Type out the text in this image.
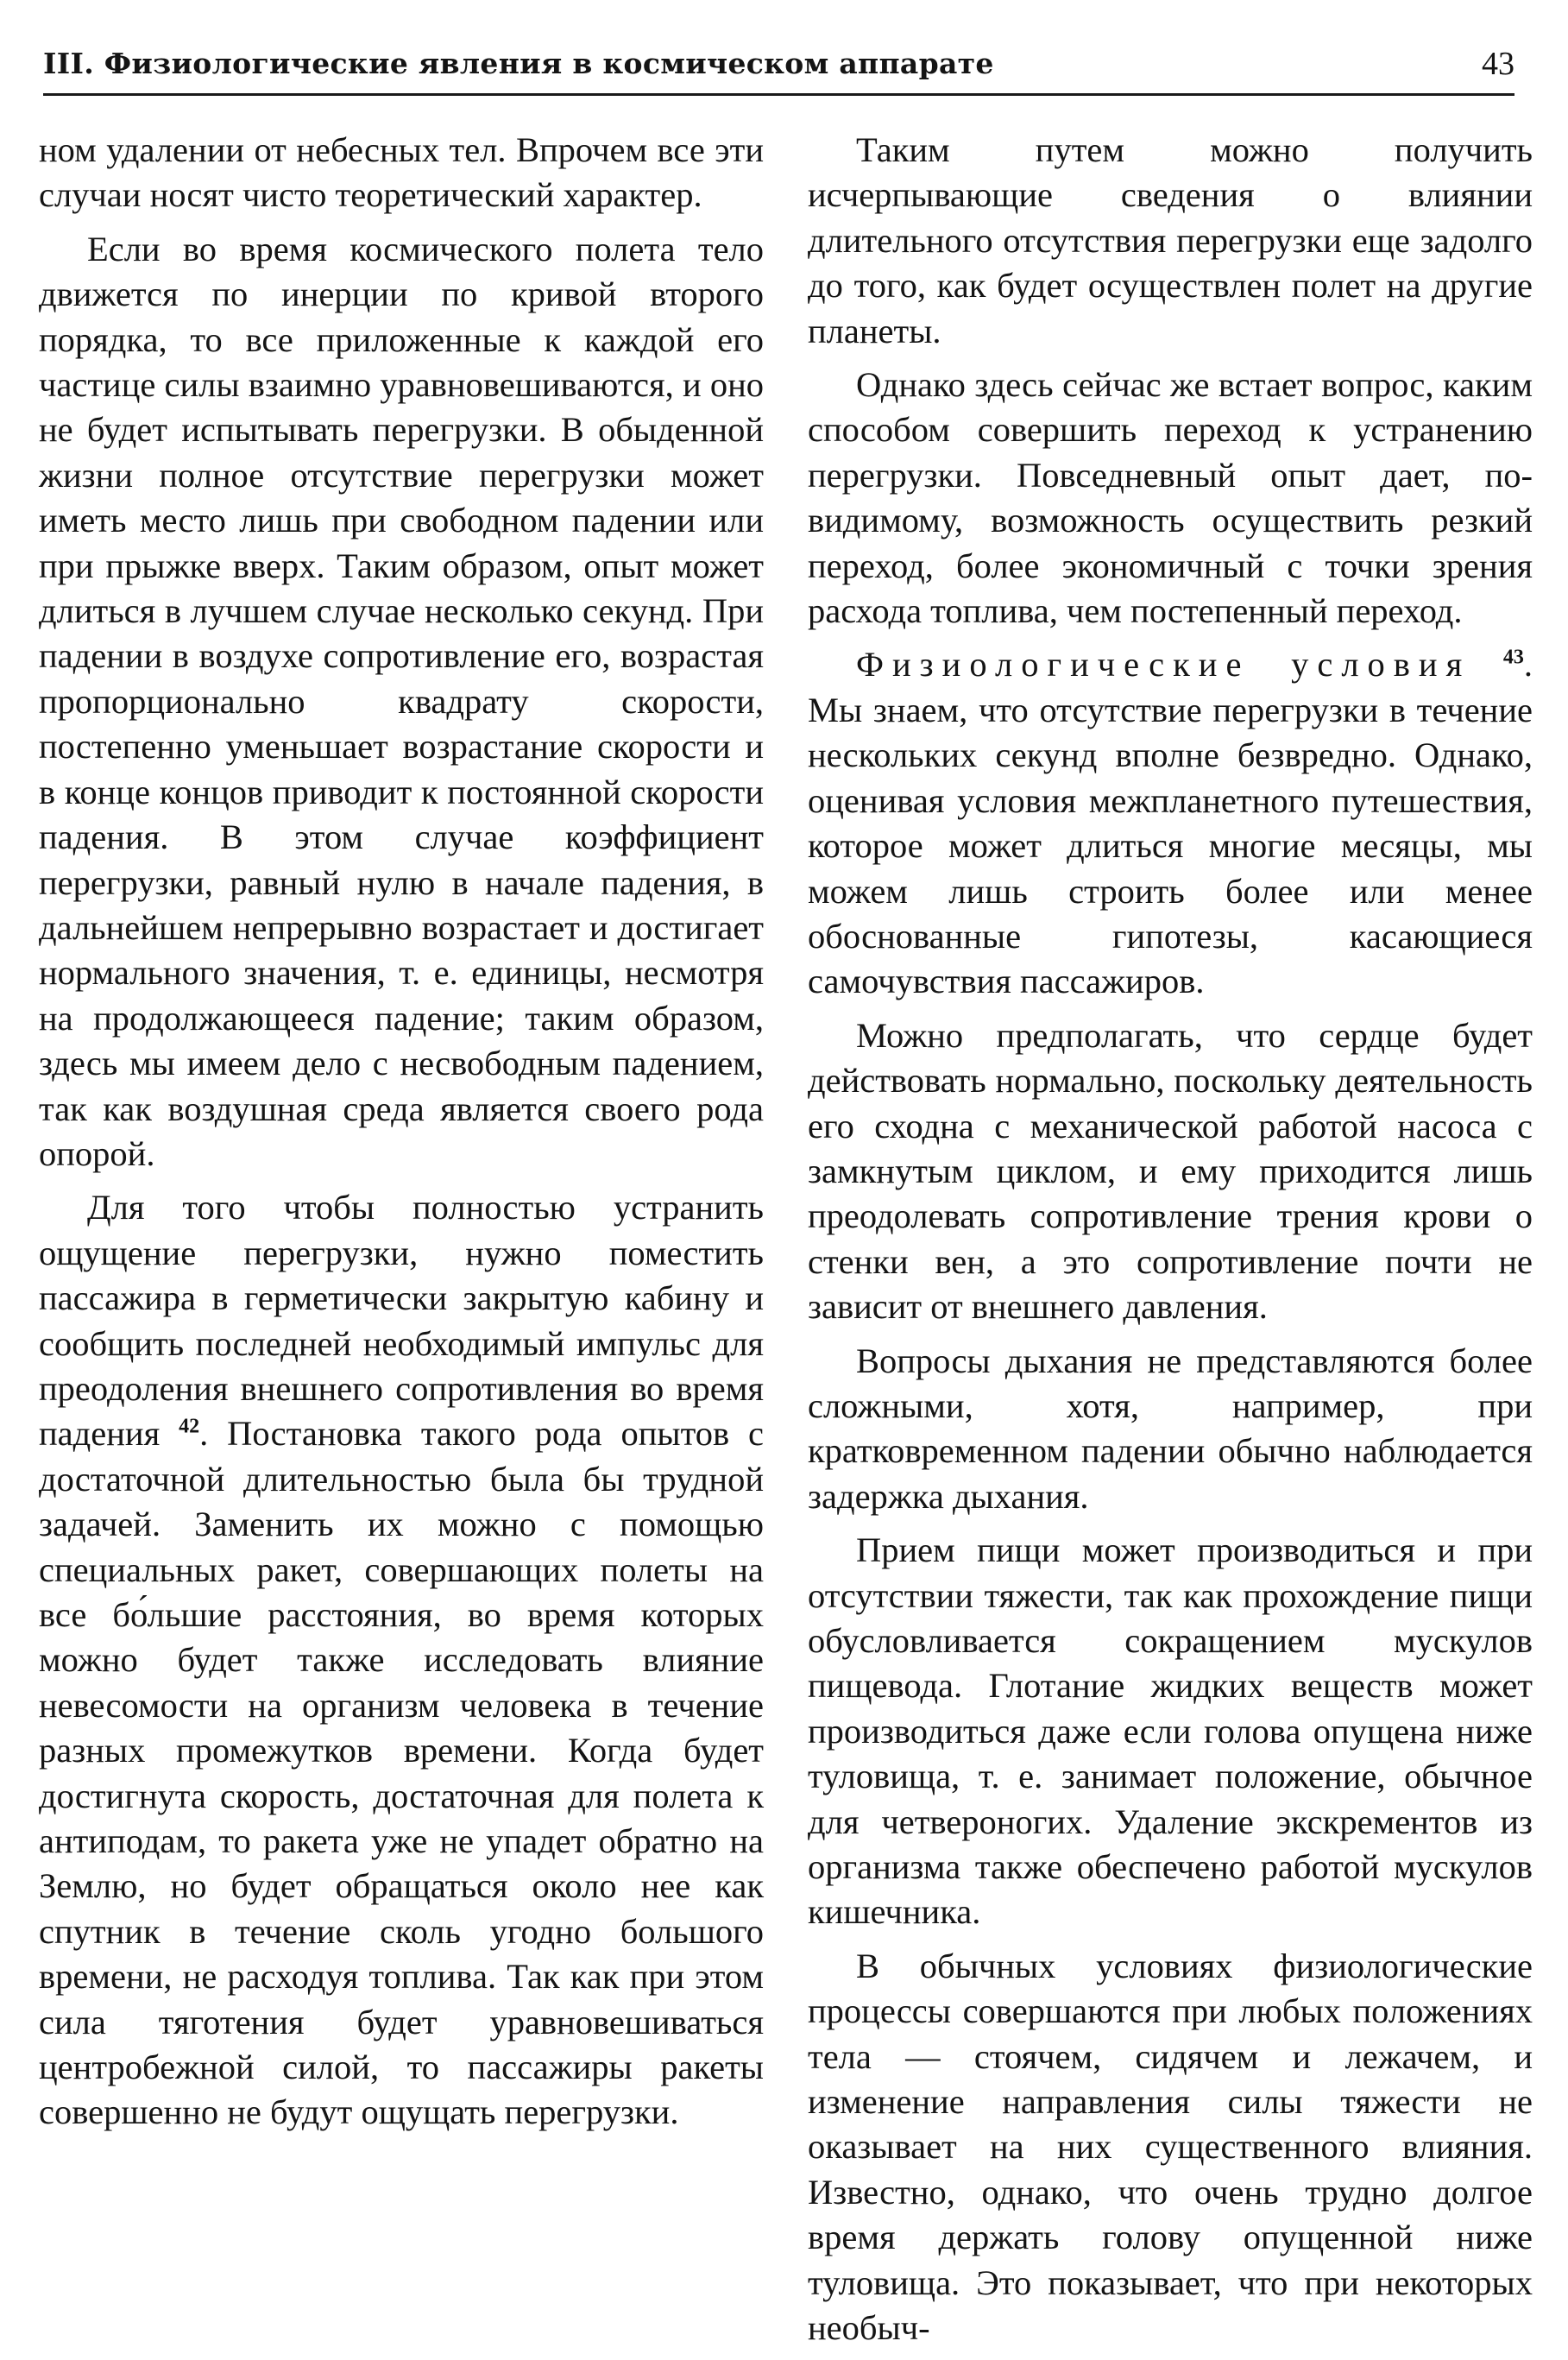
III. Физиологические явления в космическом аппарате	43

ном удалении от небесных тел. Впрочем все эти случаи носят чисто теоретический характер.

Если во время космического полета тело движется по инерции по кривой второго порядка, то все приложенные к каждой его частице силы взаимно уравновешиваются, и оно не будет испытывать перегрузки. В обыденной жизни полное отсутствие перегрузки может иметь место лишь при свободном падении или при прыжке вверх. Таким образом, опыт может длиться в лучшем случае несколько секунд. При падении в воздухе сопротивление его, возрастая пропорционально квадрату скорости, постепенно уменьшает возрастание скорости и в конце концов приводит к постоянной скорости падения. В этом случае коэффициент перегрузки, равный нулю в начале падения, в дальнейшем непрерывно возрастает и достигает нормального значения, т. е. единицы, несмотря на продолжающееся падение; таким образом, здесь мы имеем дело с несвободным падением, так как воздушная среда является своего рода опорой.

Для того чтобы полностью устранить ощущение перегрузки, нужно поместить пассажира в герметически закрытую кабину и сообщить последней необходимый импульс для преодоления внешнего сопротивления во время падения $^{42}$. Постановка такого рода опытов с достаточной длительностью была бы трудной задачей. Заменить их можно с помощью специальных ракет, совершающих полеты на все бо́льшие расстояния, во время которых можно будет также исследовать влияние невесомости на организм человека в течение разных промежутков времени. Когда будет достигнута скорость, достаточная для полета к антиподам, то ракета уже не упадет обратно на Землю, но будет обращаться около нее как спутник в течение сколь угодно большого времени, не расходуя топлива. Так как при этом сила тяготения будет уравновешиваться центробежной силой, то пассажиры ракеты совершенно не будут ощущать перегрузки.

Таким путем можно получить исчерпывающие сведения о влиянии длительного отсутствия перегрузки еще задолго до того, как будет осуществлен полет на другие планеты.

Однако здесь сейчас же встает вопрос, каким способом совершить переход к устранению перегрузки. Повседневный опыт дает, по-видимому, возможность осуществить резкий переход, более экономичный с точки зрения расхода топлива, чем постепенный переход.

Физиологические условия $^{43}$. Мы знаем, что отсутствие перегрузки в течение нескольких секунд вполне безвредно. Однако, оценивая условия межпланетного путешествия, которое может длиться многие месяцы, мы можем лишь строить более или менее обоснованные гипотезы, касающиеся самочувствия пассажиров.

Можно предполагать, что сердце будет действовать нормально, поскольку деятельность его сходна с механической работой насоса с замкнутым циклом, и ему приходится лишь преодолевать сопротивление трения крови о стенки вен, а это сопротивление почти не зависит от внешнего давления.

Вопросы дыхания не представляются более сложными, хотя, например, при кратковременном падении обычно наблюдается задержка дыхания.

Прием пищи может производиться и при отсутствии тяжести, так как прохождение пищи обусловливается сокращением мускулов пищевода. Глотание жидких веществ может производиться даже если голова опущена ниже туловища, т. е. занимает положение, обычное для четвероногих. Удаление экскрементов из организма также обеспечено работой мускулов кишечника.

В обычных условиях физиологические процессы совершаются при любых положениях тела — стоячем, сидячем и лежачем, и изменение направления силы тяжести не оказывает на них существенного влияния. Известно, однако, что очень трудно долгое время держать голову опущенной ниже туловища. Это показывает, что при некоторых необыч-
